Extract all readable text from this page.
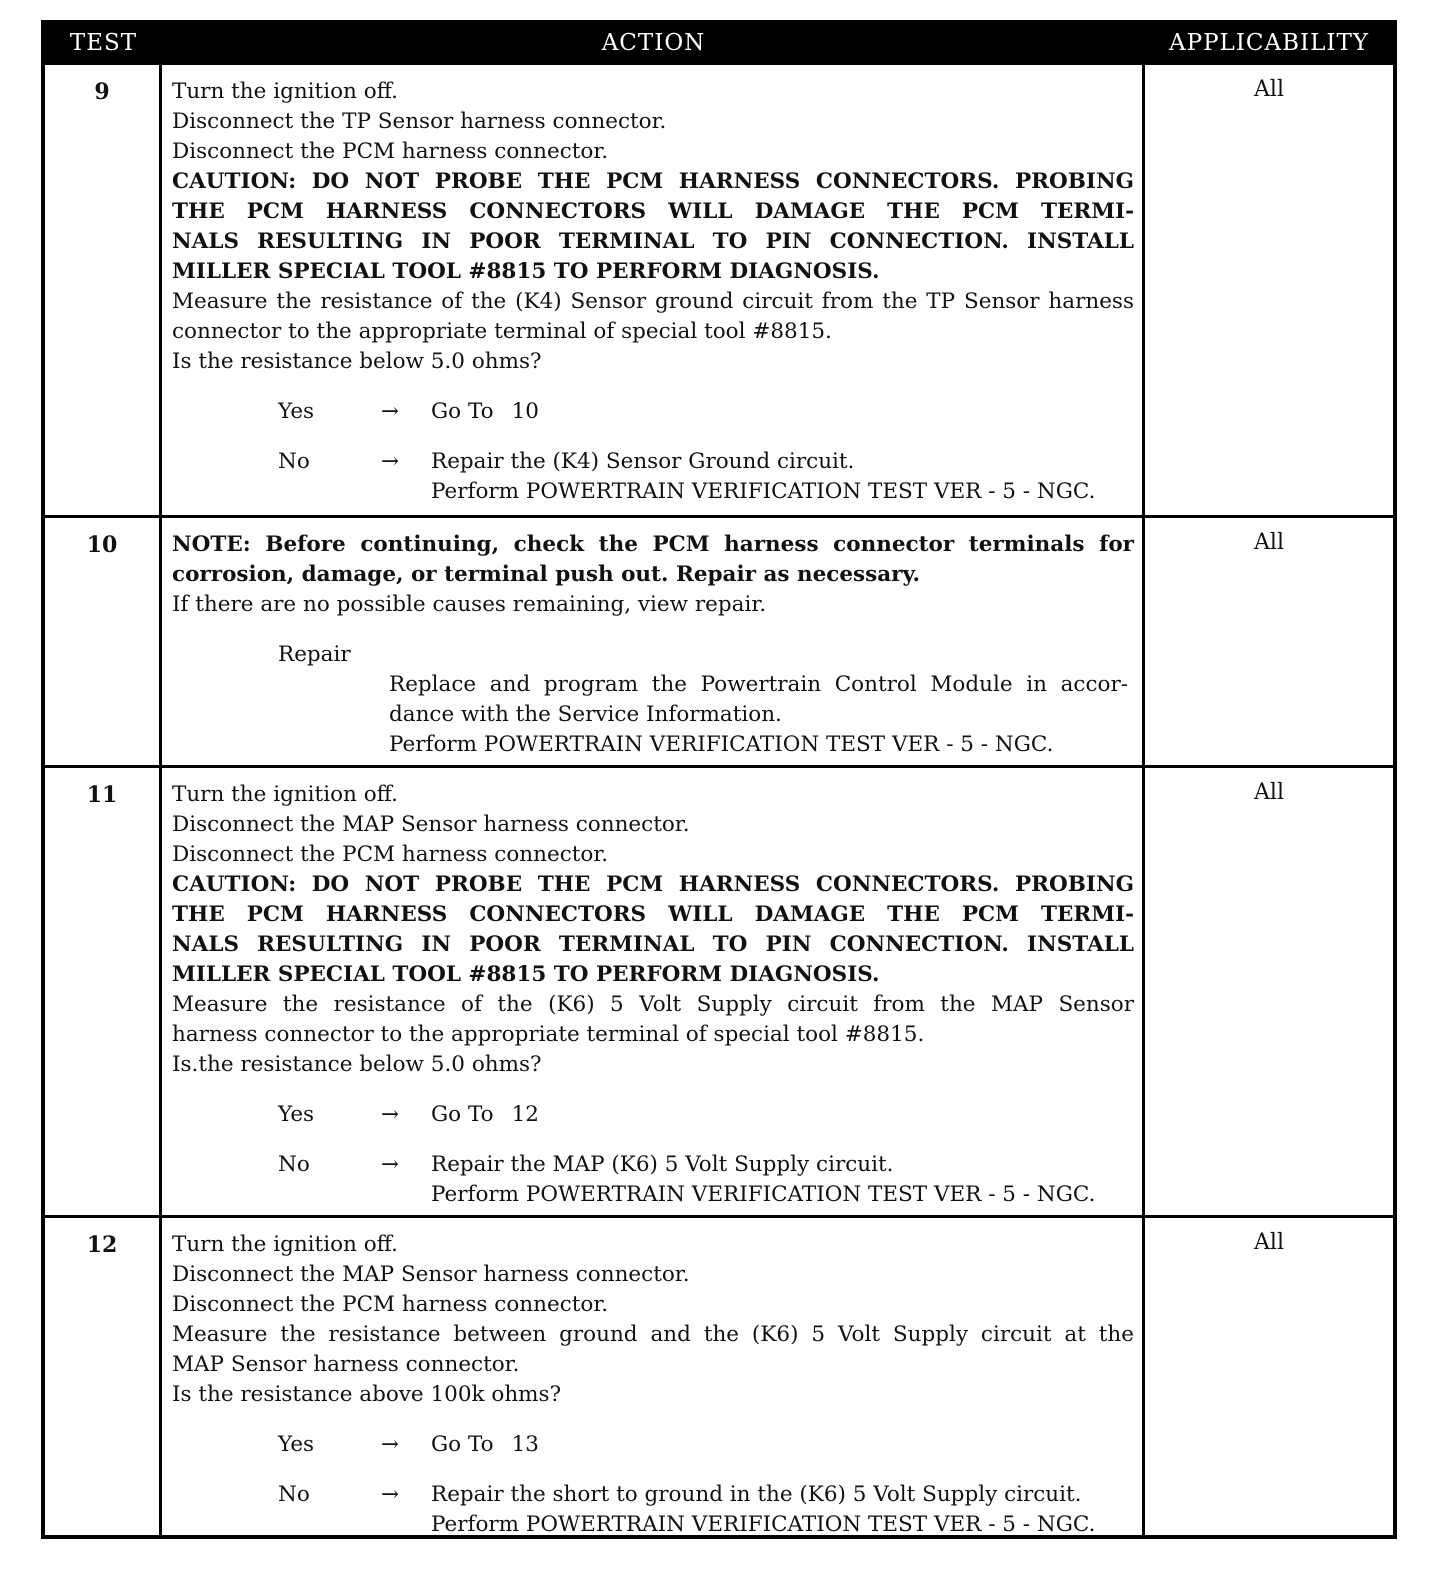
TEST	ACTION	APPLICABILITY
9	Turn the ignition off.
Disconnect the TP Sensor harness connector.
Disconnect the PCM harness connector.
CAUTION: DO NOT PROBE THE PCM HARNESS CONNECTORS. PROBING
THE PCM HARNESS CONNECTORS WILL DAMAGE THE PCM TERMI-
NALS RESULTING IN POOR TERMINAL TO PIN CONNECTION. INSTALL
MILLER SPECIAL TOOL #8815 TO PERFORM DIAGNOSIS.
Measure the resistance of the (K4) Sensor ground circuit from the TP Sensor harness
connector to the appropriate terminal of special tool #8815.
Is the resistance below 5.0 ohms?
Yes	→	Go To 10
No	→	Repair the (K4) Sensor Ground circuit.
Perform POWERTRAIN VERIFICATION TEST VER - 5 - NGC.
All
10	NOTE: Before continuing, check the PCM harness connector terminals for
corrosion, damage, or terminal push out. Repair as necessary.
If there are no possible causes remaining, view repair.
Repair
Replace and program the Powertrain Control Module in accor-
dance with the Service Information.
Perform POWERTRAIN VERIFICATION TEST VER - 5 - NGC.
All
11	Turn the ignition off.
Disconnect the MAP Sensor harness connector.
Disconnect the PCM harness connector.
CAUTION: DO NOT PROBE THE PCM HARNESS CONNECTORS. PROBING
THE PCM HARNESS CONNECTORS WILL DAMAGE THE PCM TERMI-
NALS RESULTING IN POOR TERMINAL TO PIN CONNECTION. INSTALL
MILLER SPECIAL TOOL #8815 TO PERFORM DIAGNOSIS.
Measure the resistance of the (K6) 5 Volt Supply circuit from the MAP Sensor
harness connector to the appropriate terminal of special tool #8815.
Is.the resistance below 5.0 ohms?
Yes	→	Go To 12
No	→	Repair the MAP (K6) 5 Volt Supply circuit.
Perform POWERTRAIN VERIFICATION TEST VER - 5 - NGC.
All
12	Turn the ignition off.
Disconnect the MAP Sensor harness connector.
Disconnect the PCM harness connector.
Measure the resistance between ground and the (K6) 5 Volt Supply circuit at the
MAP Sensor harness connector.
Is the resistance above 100k ohms?
Yes	→	Go To 13
No	→	Repair the short to ground in the (K6) 5 Volt Supply circuit.
Perform POWERTRAIN VERIFICATION TEST VER - 5 - NGC.
All
